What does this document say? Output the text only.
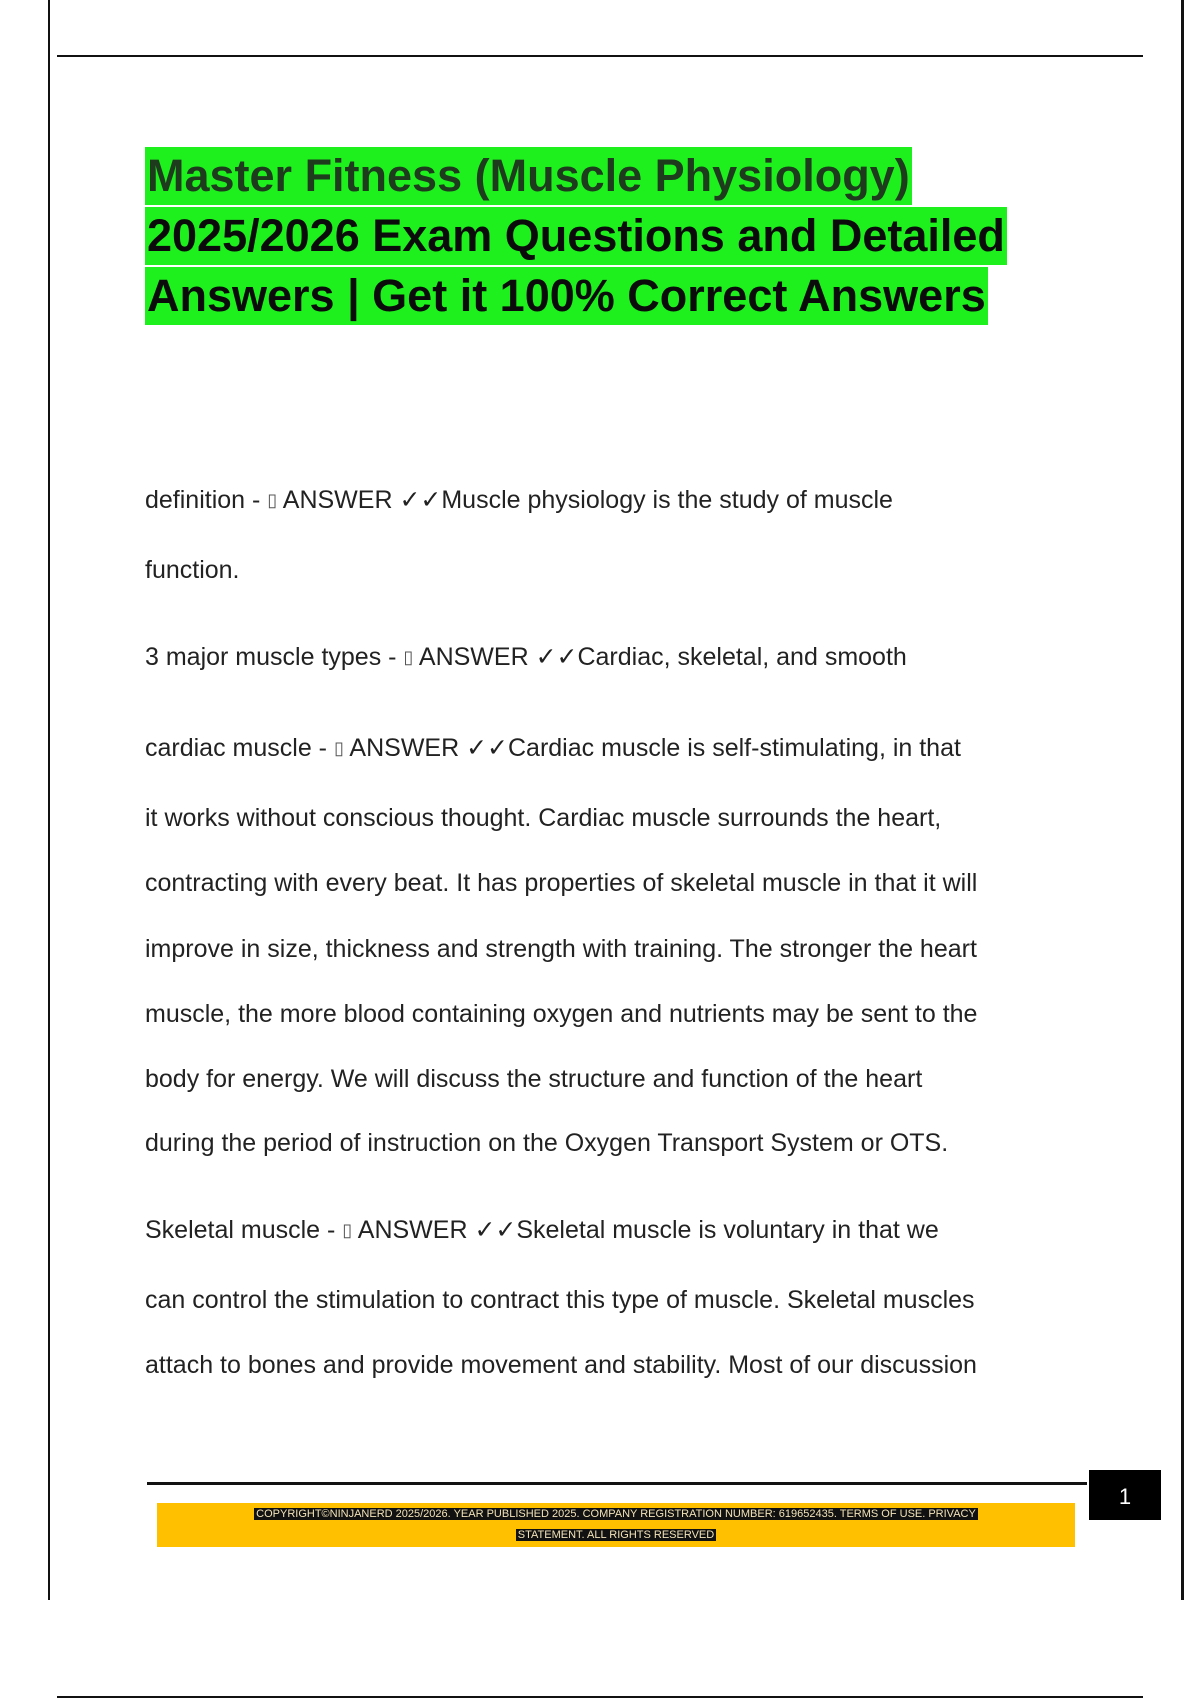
Master Fitness (Muscle Physiology)
2025/2026 Exam Questions and Detailed
Answers | Get it 100% Correct Answers

definition - ▯ ANSWER ✓✓Muscle physiology is the study of muscle

function.

3 major muscle types - ▯ ANSWER ✓✓Cardiac, skeletal, and smooth

cardiac muscle - ▯ ANSWER ✓✓Cardiac muscle is self-stimulating, in that

it works without conscious thought. Cardiac muscle surrounds the heart,

contracting with every beat. It has properties of skeletal muscle in that it will

improve in size, thickness and strength with training. The stronger the heart

muscle, the more blood containing oxygen and nutrients may be sent to the

body for energy. We will discuss the structure and function of the heart

during the period of instruction on the Oxygen Transport System or OTS.

Skeletal muscle - ▯ ANSWER ✓✓Skeletal muscle is voluntary in that we

can control the stimulation to contract this type of muscle. Skeletal muscles

attach to bones and provide movement and stability. Most of our discussion

1
COPYRIGHT©NINJANERD 2025/2026. YEAR PUBLISHED 2025. COMPANY REGISTRATION NUMBER: 619652435. TERMS OF USE. PRIVACY
STATEMENT. ALL RIGHTS RESERVED
